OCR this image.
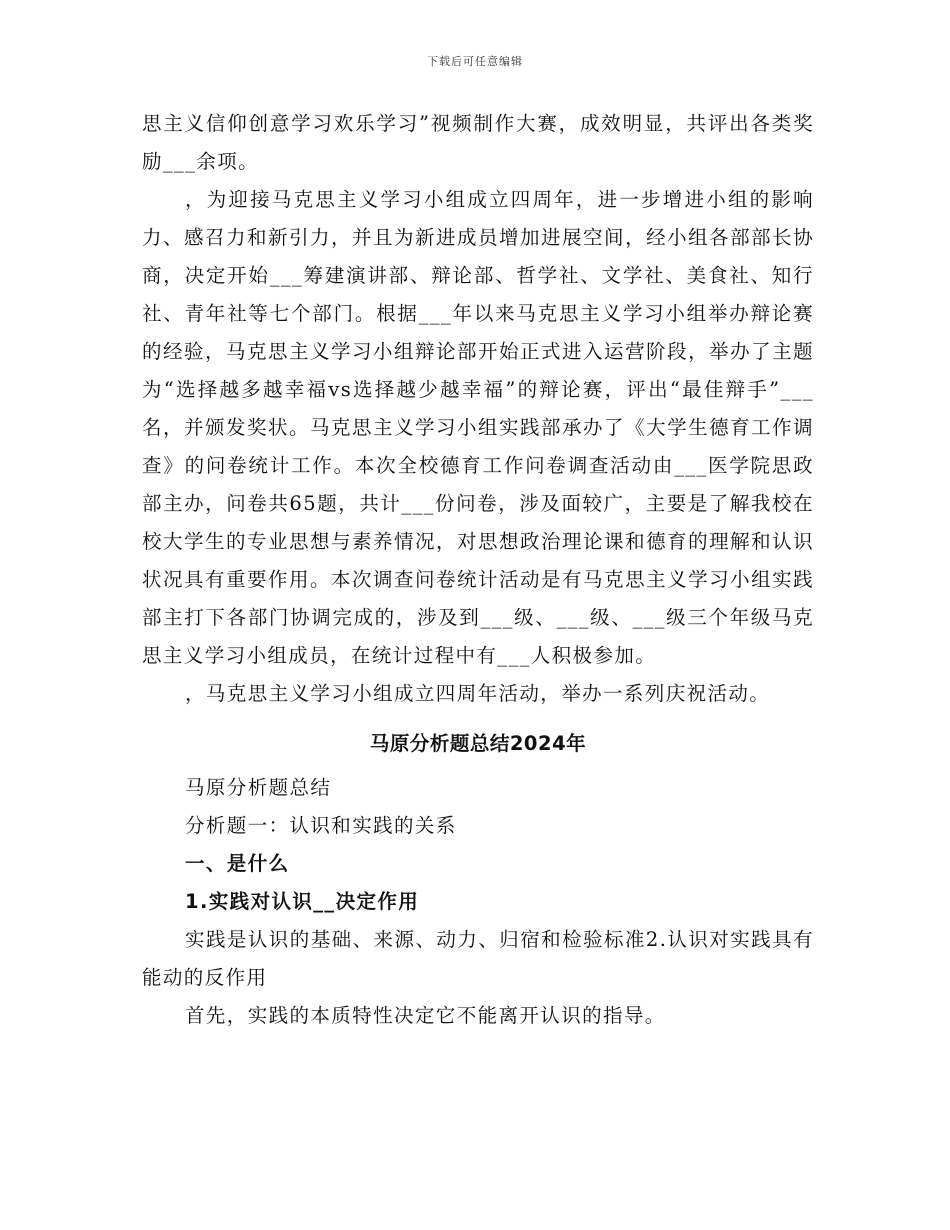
下载后可任意编辑

思主义信仰创意学习欢乐学习”视频制作大赛，成效明显，共评出各类奖励___余项。

，为迎接马克思主义学习小组成立四周年，进一步增进小组的影响力、感召力和新引力，并且为新进成员增加进展空间，经小组各部部长协商，决定开始___筹建演讲部、辩论部、哲学社、文学社、美食社、知行社、青年社等七个部门。根据___年以来马克思主义学习小组举办辩论赛的经验，马克思主义学习小组辩论部开始正式进入运营阶段，举办了主题为“选择越多越幸福vs选择越少越幸福”的辩论赛，评出“最佳辩手”___名，并颁发奖状。马克思主义学习小组实践部承办了《大学生德育工作调查》的问卷统计工作。本次全校德育工作问卷调查活动由___医学院思政部主办，问卷共65题，共计___份问卷，涉及面较广，主要是了解我校在校大学生的专业思想与素养情况，对思想政治理论课和德育的理解和认识状况具有重要作用。本次调查问卷统计活动是有马克思主义学习小组实践部主打下各部门协调完成的，涉及到___级、___级、___级三个年级马克思主义学习小组成员，在统计过程中有___人积极参加。

，马克思主义学习小组成立四周年活动，举办一系列庆祝活动。

马原分析题总结2024年

马原分析题总结

分析题一：认识和实践的关系

一、是什么

1.实践对认识__决定作用

实践是认识的基础、来源、动力、归宿和检验标准2.认识对实践具有能动的反作用

首先，实践的本质特性决定它不能离开认识的指导。
